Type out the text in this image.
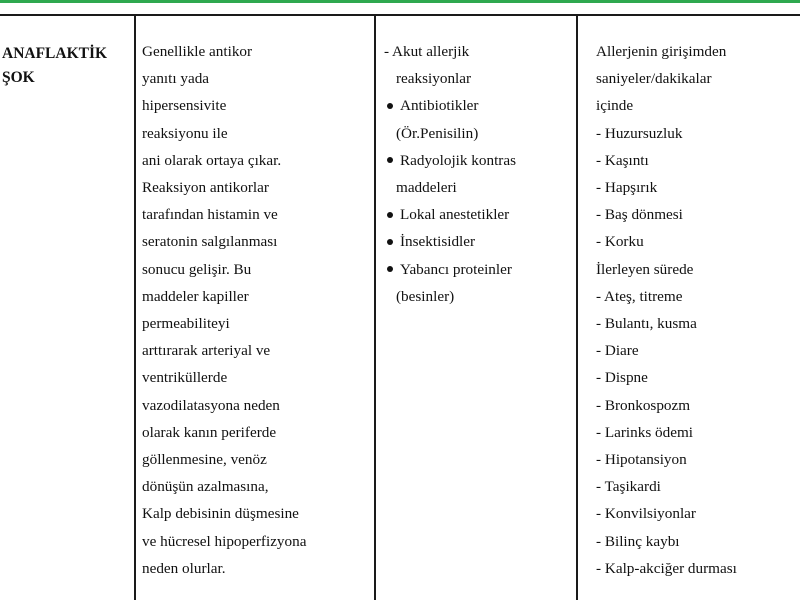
ANAFLAKTİK
ŞOK
Genellikle antikor
yanıtı yada
hipersensivite
reaksiyonu ile
ani olarak ortaya çıkar.
Reaksiyon antikorlar
tarafından histamin ve
seratonin salgılanması
sonucu gelişir. Bu
maddeler kapiller
permeabiliteyi
arttırarak arteriyal ve
ventriküllerde
vazodilatasyona neden
olarak kanın periferde
göllenmesine, venöz
dönüşün azalmasına,
Kalp debisinin düşmesine
ve hücresel hipoperfizyona
neden olurlar.
- Akut allerjik
reaksiyonlar
Antibiotikler
(Ör.Penisilin)
Radyolojik kontras
maddeleri
Lokal anestetikler
İnsektisidler
Yabancı proteinler
(besinler)
Allerjenin girişimden
saniyeler/dakikalar
içinde
- Huzursuzluk
- Kaşıntı
- Hapşırık
- Baş dönmesi
- Korku
İlerleyen sürede
- Ateş, titreme
- Bulantı, kusma
- Diare
- Dispne
- Bronkospozm
- Larinks ödemi
- Hipotansiyon
- Taşikardi
- Konvilsiyonlar
- Bilinç kaybı
- Kalp-akciğer durması
